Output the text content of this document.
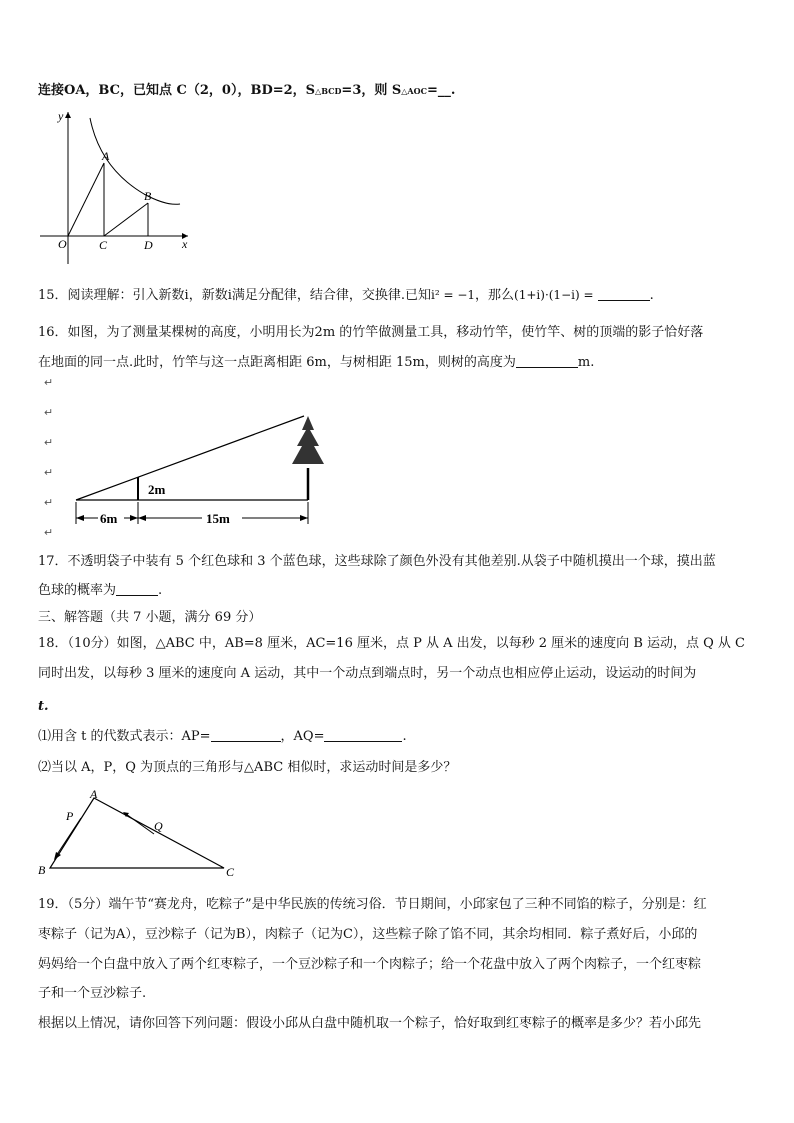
连接OA，BC，已知点 C（2，0），BD=2，S△BCD=3，则 S△AOC=__.
y
x
O
A
B
C	D
15．阅读理解：引入新数i，新数i满足分配律，结合律，交换律.已知i² = −1，那么(1+i)·(1−i) =	.
16．如图，为了测量某棵树的高度，小明用长为2m 的竹竿做测量工具，移动竹竿，使竹竿、树的顶端的影子恰好落
在地面的同一点.此时，竹竿与这一点距离相距 6m，与树相距 15m，则树的高度为	m.
↵
↵
↵
↵
↵
↵
2m
6m	15m
17．不透明袋子中装有 5 个红色球和 3 个蓝色球，这些球除了颜色外没有其他差别.从袋子中随机摸出一个球，摸出蓝
色球的概率为	.
三、解答题（共 7 小题，满分 69 分）
18．（10分）如图，△ABC 中，AB=8 厘米，AC=16 厘米，点 P 从 A 出发，以每秒 2 厘米的速度向 B 运动，点 Q 从 C
同时出发，以每秒 3 厘米的速度向 A 运动，其中一个动点到端点时，另一个动点也相应停止运动，设运动的时间为
t.
⑴用含 t 的代数式表示：AP=	，AQ=	.
⑵当以 A，P，Q 为顶点的三角形与△ABC 相似时，求运动时间是多少？
A
B	C
P
Q
19．（5分）端午节“赛龙舟，吃粽子”是中华民族的传统习俗．节日期间，小邱家包了三种不同馅的粽子，分别是：红
枣粽子（记为A），豆沙粽子（记为B），肉粽子（记为C），这些粽子除了馅不同，其余均相同．粽子煮好后，小邱的
妈妈给一个白盘中放入了两个红枣粽子，一个豆沙粽子和一个肉粽子；给一个花盘中放入了两个肉粽子，一个红枣粽
子和一个豆沙粽子.
根据以上情况，请你回答下列问题：假设小邱从白盘中随机取一个粽子，恰好取到红枣粽子的概率是多少？若小邱先
